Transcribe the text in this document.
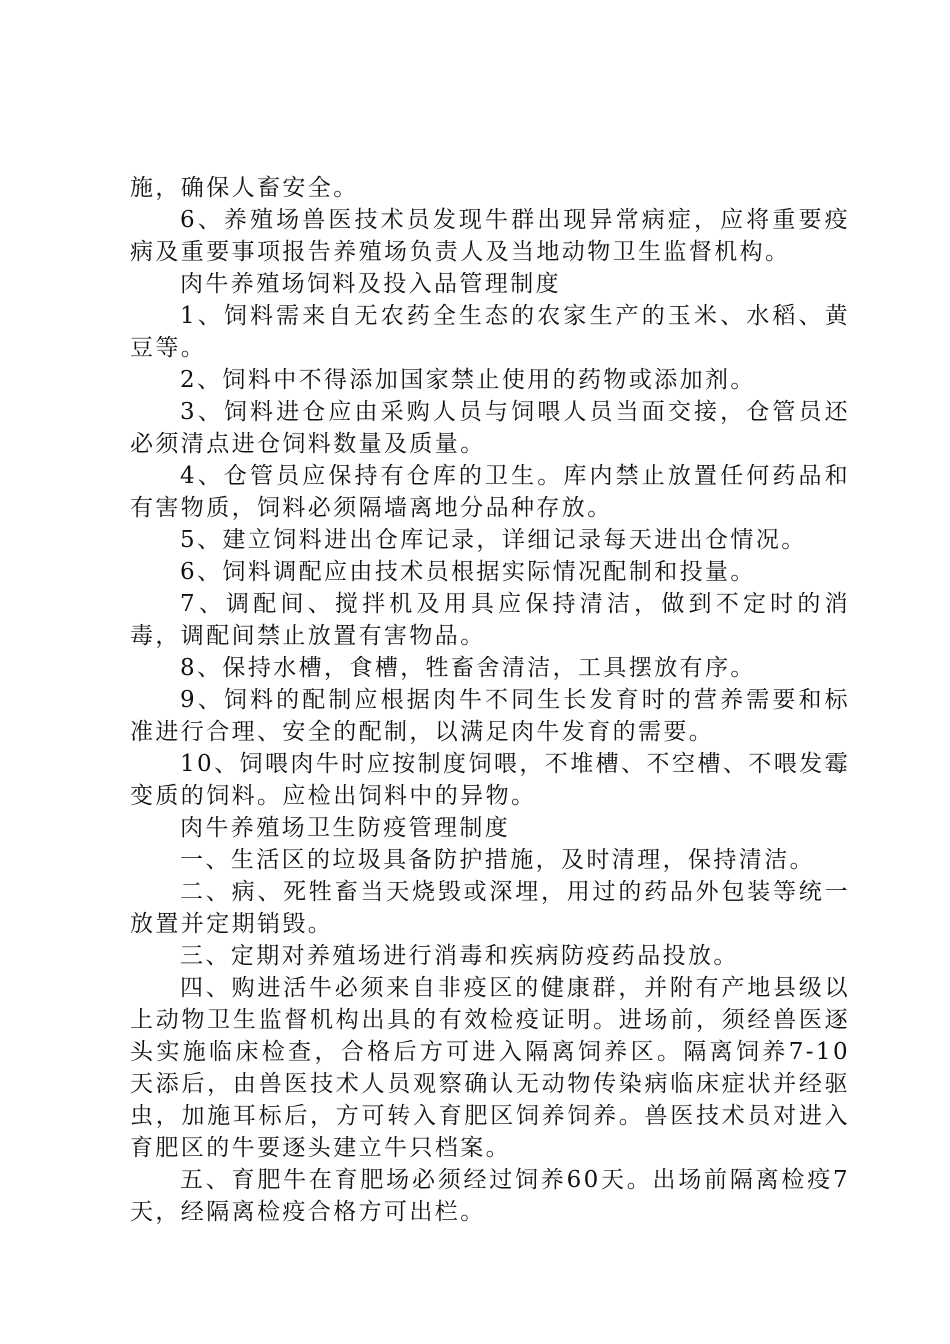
施，确保人畜安全。

6、养殖场兽医技术员发现牛群出现异常病症，应将重要疫病及重要事项报告养殖场负责人及当地动物卫生监督机构。

肉牛养殖场饲料及投入品管理制度

1、饲料需来自无农药全生态的农家生产的玉米、水稻、黄豆等。

2、饲料中不得添加国家禁止使用的药物或添加剂。

3、饲料进仓应由采购人员与饲喂人员当面交接，仓管员还必须清点进仓饲料数量及质量。

4、仓管员应保持有仓库的卫生。库内禁止放置任何药品和有害物质，饲料必须隔墙离地分品种存放。

5、建立饲料进出仓库记录，详细记录每天进出仓情况。

6、饲料调配应由技术员根据实际情况配制和投量。

7、调配间、搅拌机及用具应保持清洁，做到不定时的消毒，调配间禁止放置有害物品。

8、保持水槽，食槽，牲畜舍清洁，工具摆放有序。

9、饲料的配制应根据肉牛不同生长发育时的营养需要和标准进行合理、安全的配制，以满足肉牛发育的需要。

10、饲喂肉牛时应按制度饲喂，不堆槽、不空槽、不喂发霉变质的饲料。应检出饲料中的异物。

肉牛养殖场卫生防疫管理制度

一、生活区的垃圾具备防护措施，及时清理，保持清洁。

二、病、死牲畜当天烧毁或深埋，用过的药品外包装等统一放置并定期销毁。

三、定期对养殖场进行消毒和疾病防疫药品投放。

四、购进活牛必须来自非疫区的健康群，并附有产地县级以上动物卫生监督机构出具的有效检疫证明。进场前，须经兽医逐头实施临床检查，合格后方可进入隔离饲养区。隔离饲养7-10天添后，由兽医技术人员观察确认无动物传染病临床症状并经驱虫，加施耳标后，方可转入育肥区饲养饲养。兽医技术员对进入育肥区的牛要逐头建立牛只档案。

五、育肥牛在育肥场必须经过饲养60天。出场前隔离检疫7天，经隔离检疫合格方可出栏。
